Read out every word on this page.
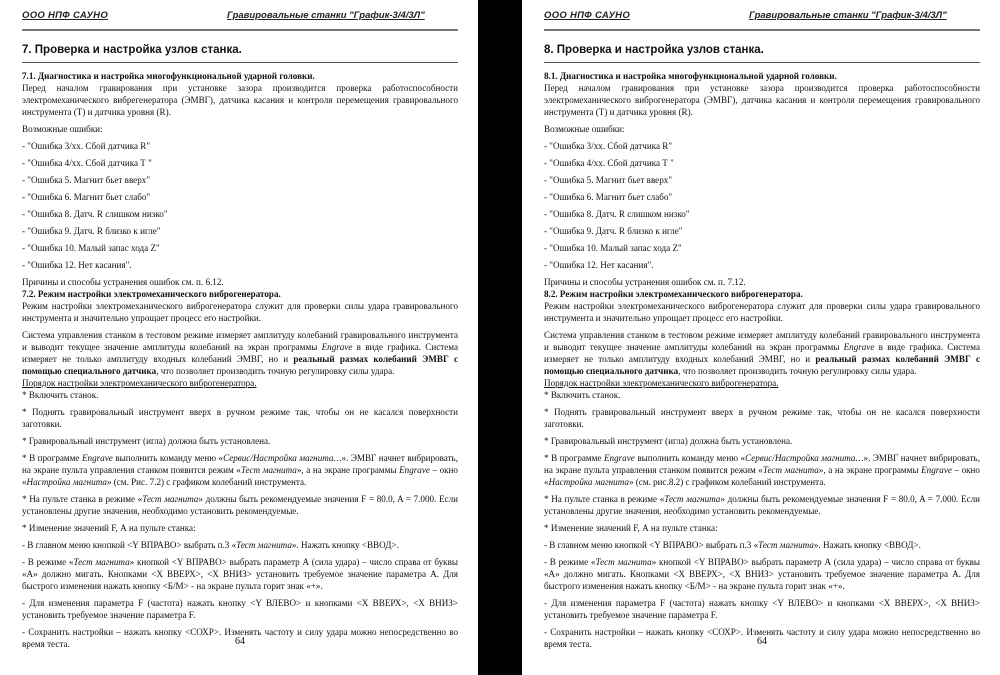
ООО НПФ САУНО	Гравировальные станки "График-3/4/3Л"
7. Проверка и настройка узлов станка.

7.1. Диагностика и настройка многофункциональной ударной головки.

Перед началом гравирования при установке зазора производится проверка работоспособности электромеханического вибрегенератора (ЭМВГ), датчика касания и контроля перемещения гравировального инструмента (Т) и датчика уровня (R).

Возможные ошибки:

- "Ошибка 3/хх. Сбой датчика R"

- "Ошибка 4/хх. Сбой датчика Т "

- "Ошибка 5. Магнит бьет вверх"

- "Ошибка 6. Магнит бьет слабо"

- "Ошибка 8. Датч. R слишком низко"

- "Ошибка 9. Датч. R близко к игле"

- "Ошибка 10. Малый запас хода Z"

- "Ошибка 12. Нет касания".

Причины и способы устранения ошибок см. п. 6.12.

7.2. Режим настройки электромеханического виброгенератора.

Режим настройки электромеханического виброгенератора служит для проверки силы удара гравировального инструмента и значительно упрощает процесс его настройки.

Система управления станком в тестовом режиме измеряет амплитуду колебаний гравировального инструмента и выводит текущее значение амплитуды колебаний на экран программы Engrave в виде графика. Система измеряет не только амплитуду входных колебаний ЭМВГ, но и реальный размах колебаний ЭМВГ с помощью специального датчика, что позволяет производить точную регулировку силы удара.

Порядок настройки электромеханического виброгенератора.

* Включить станок.

* Поднять гравировальный инструмент вверх в ручном режиме так, чтобы он не касался поверхности заготовки.

* Гравировальный инструмент (игла) должна быть установлена.

* В программе Engrave выполнить команду меню «Сервис/Настройка магнита…». ЭМВГ начнет вибрировать, на экране пульта управления станком появится режим «Тест магнита», а на экране программы Engrave – окно «Настройка магнита» (см. Рис. 7.2) с графиком колебаний инструмента.

* На пульте станка в режиме «Тест магнита» должны быть рекомендуемые значения F = 80.0, A = 7.000. Если установлены другие значения, необходимо установить рекомендуемые.

* Изменение значений F, А на пульте станка:

- В главном меню кнопкой <Y ВПРАВО> выбрать п.3 «Тест магнита». Нажать кнопку <ВВОД>.

- В режиме «Тест магнита» кнопкой <Y ВПРАВО> выбрать параметр А (сила удара) – число справа от буквы «А» должно мигать. Кнопками <X ВВЕРХ>, <X ВНИЗ> установить требуемое значение параметра А. Для быстрого изменения нажать кнопку <Б/М> - на экране пульта горит знак «+».

- Для изменения параметра F (частота) нажать кнопку <Y ВЛЕВО> и кнопками <X ВВЕРХ>, <X ВНИЗ> установить требуемое значение параметра F.

- Сохранить настройки – нажать кнопку <СОХР>. Изменять частоту и силу удара можно непосредственно во время теста.	64
ООО НПФ САУНО	Гравировальные станки "График-3/4/3Л"
8. Проверка и настройка узлов станка.

8.1. Диагностика и настройка многофункциональной ударной головки.

Перед началом гравирования при установке зазора производится проверка работоспособности электромеханического виброгенератора (ЭМВГ), датчика касания и контроля перемещения гравировального инструмента (Т) и датчика уровня (R).

Возможные ошибки:

- "Ошибка 3/хх. Сбой датчика R"

- "Ошибка 4/хх. Сбой датчика Т "

- "Ошибка 5. Магнит бьет вверх"

- "Ошибка 6. Магнит бьет слабо"

- "Ошибка 8. Датч. R слишком низко"

- "Ошибка 9. Датч. R близко к игле"

- "Ошибка 10. Малый запас хода Z"

- "Ошибка 12. Нет касания".

Причины и способы устранения ошибок см. п. 7.12.

8.2. Режим настройки электромеханического виброгенератора.

Режим настройки электромеханического виброгенератора служит для проверки силы удара гравировального инструмента и значительно упрощает процесс его настройки.

Система управления станком в тестовом режиме измеряет амплитуду колебаний гравировального инструмента и выводит текущее значение амплитуды колебаний на экран программы Engrave в виде графика. Система измеряет не только амплитуду входных колебаний ЭМВГ, но и реальный размах колебаний ЭМВГ с помощью специального датчика, что позволяет производить точную регулировку силы удара.

Порядок настройки электромеханического виброгенератора.

* Включить станок.

* Поднять гравировальный инструмент вверх в ручном режиме так, чтобы он не касался поверхности заготовки.

* Гравировальный инструмент (игла) должна быть установлена.

* В программе Engrave выполнить команду меню «Сервис/Настройка магнита…». ЭМВГ начнет вибрировать, на экране пульта управления станком появится режим «Тест магнита», а на экране программы Engrave – окно «Настройка магнита» (см. рис.8.2) с графиком колебаний инструмента.

* На пульте станка в режиме «Тест магнита» должны быть рекомендуемые значения F = 80.0, A = 7.000. Если установлены другие значения, необходимо установить рекомендуемые.

* Изменение значений F, А на пульте станка:

- В главном меню кнопкой <Y ВПРАВО> выбрать п.3 «Тест магнита». Нажать кнопку <ВВОД>.

- В режиме «Тест магнита» кнопкой <Y ВПРАВО> выбрать параметр А (сила удара) – число справа от буквы «А» должно мигать. Кнопками <X ВВЕРХ>, <X ВНИЗ> установить требуемое значение параметра А. Для быстрого изменения нажать кнопку <Б/М> - на экране пульта горит знак «+».

- Для изменения параметра F (частота) нажать кнопку <Y ВЛЕВО> и кнопками <X ВВЕРХ>, <X ВНИЗ> установить требуемое значение параметра F.

- Сохранить настройки – нажать кнопку <СОХР>. Изменять частоту и силу удара можно непосредственно во время теста.	64
